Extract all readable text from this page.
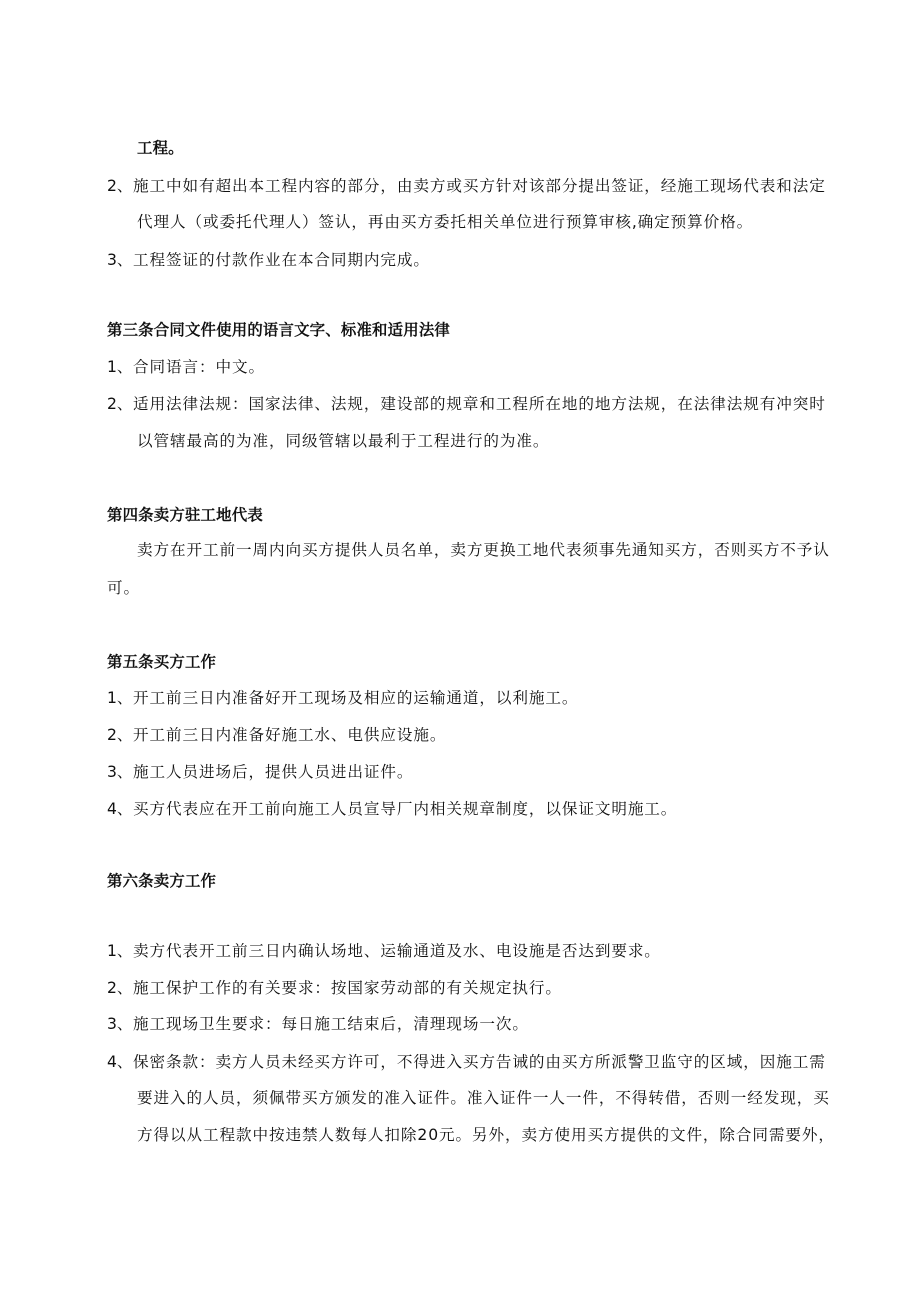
工程。
2、施工中如有超出本工程内容的部分，由卖方或买方针对该部分提出签证，经施工现场代表和法定
代理人（或委托代理人）签认，再由买方委托相关单位进行预算审核,确定预算价格。
3、工程签证的付款作业在本合同期内完成。
第三条合同文件使用的语言文字、标准和适用法律
1、合同语言：中文。
2、适用法律法规：国家法律、法规，建设部的规章和工程所在地的地方法规，在法律法规有冲突时
以管辖最高的为准，同级管辖以最利于工程进行的为准。
第四条卖方驻工地代表
卖方在开工前一周内向买方提供人员名单，卖方更换工地代表须事先通知买方，否则买方不予认
可。
第五条买方工作
1、开工前三日内准备好开工现场及相应的运输通道，以利施工。
2、开工前三日内准备好施工水、电供应设施。
3、施工人员进场后，提供人员进出证件。
4、买方代表应在开工前向施工人员宣导厂内相关规章制度，以保证文明施工。
第六条卖方工作
1、卖方代表开工前三日内确认场地、运输通道及水、电设施是否达到要求。
2、施工保护工作的有关要求：按国家劳动部的有关规定执行。
3、施工现场卫生要求：每日施工结束后，清理现场一次。
4、保密条款：卖方人员未经买方许可，不得进入买方告诫的由买方所派警卫监守的区域，因施工需
要进入的人员，须佩带买方颁发的准入证件。准入证件一人一件，不得转借，否则一经发现，买
方得以从工程款中按违禁人数每人扣除20元。另外，卖方使用买方提供的文件，除合同需要外，
